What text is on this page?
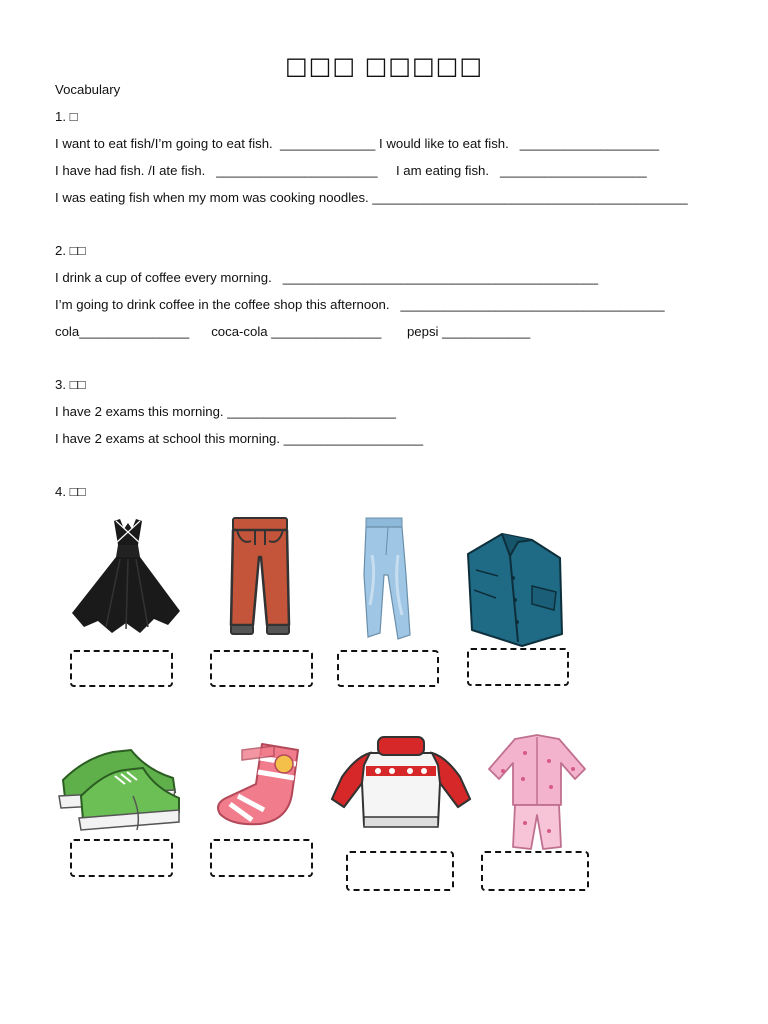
□□□ □□□□□
Vocabulary
1. □
I want to eat fish/I’m going to eat fish.  _____________ I would like to eat fish.   ___________________
I have had fish. /I ate fish.   ______________________     I am eating fish.   ____________________
I was eating fish when my mom was cooking noodles. ___________________________________________
2. □□
I drink a cup of coffee every morning.   ___________________________________________
I’m going to drink coffee in the coffee shop this afternoon.   ____________________________________
cola_______________      coca-cola _______________       pepsi ____________
3. □□
I have 2 exams this morning. _______________________
I have 2 exams at school this morning. ___________________
4. □□
